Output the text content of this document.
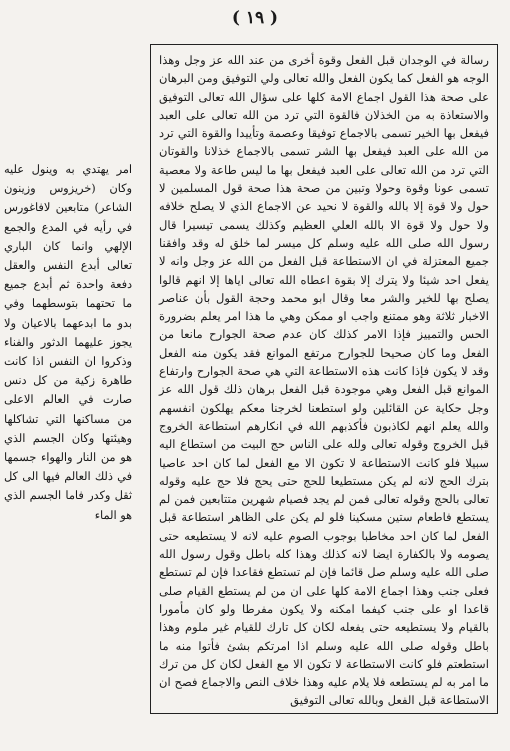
( ١٩ )

رسالة في الوجدان قبل الفعل وقوة أخرى من عند الله عز وجل وهذا الوجه هو الفعل كما يكون الفعل والله تعالى ولي التوفيق ومن البرهان على صحة هذا القول اجماع الامة كلها على سؤال الله تعالى التوفيق والاستعاذة به من الخذلان فالقوة التي ترد من الله تعالى على العبد فيفعل بها الخير تسمى بالاجماع توفيقا وعصمة وتأييدا والقوة التي ترد من الله على العبد فيفعل بها الشر تسمى بالاجماع خذلانا والقوتان التي ترد من الله تعالى على العبد فيفعل بها ما ليس طاعة ولا معصية تسمى عونا وقوة وحولا وتبين من صحة هذا صحة قول المسلمين لا حول ولا قوة إلا بالله والقوة لا نحيد عن الاجماع الذي لا يصلح خلافه ولا حول ولا قوة الا بالله العلي العظيم وكذلك يسمى تيسيرا قال رسول الله صلى الله عليه وسلم كل ميسر لما خلق له وقد وافقنا جميع المعتزلة في ان الاستطاعة قبل الفعل من الله عز وجل وانه لا يفعل احد شيئا ولا يترك إلا بقوة اعطاه الله تعالى اياها إلا انهم قالوا يصلح بها للخير والشر معا وقال ابو محمد وحجة القول بأن عناصر الاخبار ثلاثة وهو ممتنع واجب او ممكن وهي ما هذا امر يعلم بضرورة الحس والتمييز فإذا الامر كذلك كان عدم صحة الجوارح مانعا من الفعل وما كان صحيحا للجوارح مرتفع الموانع فقد يكون منه الفعل وقد لا يكون فإذا كانت هذه الاستطاعة التي هي صحة الجوارح وارتفاع الموانع قبل الفعل وهي موجودة قبل الفعل برهان ذلك قول الله عز وجل حكاية عن القائلين ولو استطعنا لخرجنا معكم يهلكون انفسهم والله يعلم انهم لكاذبون فأكذبهم الله في انكارهم استطاعة الخروج قبل الخروج وقوله تعالى ولله على الناس حج البيت من استطاع اليه سبيلا فلو كانت الاستطاعة لا تكون الا مع الفعل لما كان احد عاصيا بترك الحج لانه لم يكن مستطيعا للحج حتى يحج فلا حج عليه وقوله تعالى بالحج وقوله تعالى فمن لم يجد فصيام شهرين متتابعين فمن لم يستطع فاطعام ستين مسكينا فلو لم يكن على الظاهر استطاعة قبل الفعل لما كان احد مخاطبا بوجوب الصوم عليه لانه لا يستطيعه حتى يصومه ولا بالكفارة ايضا لانه كذلك وهذا كله باطل وقول رسول الله صلى الله عليه وسلم صل قائما فإن لم تستطع فقاعدا فإن لم تستطع فعلى جنب وهذا اجماع الامة كلها على ان من لم يستطع القيام صلى قاعدا او على جنب كيفما امكنه ولا يكون مفرطا ولو كان مأمورا بالقيام ولا يستطيعه حتى يفعله لكان كل تارك للقيام غير ملوم وهذا باطل وقوله صلى الله عليه وسلم اذا امرتكم بشئ فأتوا منه ما استطعتم فلو كانت الاستطاعة لا تكون الا مع الفعل لكان كل من ترك ما امر به لم يستطعه فلا يلام عليه وهذا خلاف النص والاجماع فصح ان الاستطاعة قبل الفعل وبالله تعالى التوفيق

امر يهتدي به وينول عليه وكان (خريزوس وزينون الشاعر) متابعين لافاغورس في رأيه في المدع والجمع الإلهي وانما كان الباري تعالى أبدع النفس والعقل دفعة واحدة ثم أبدع جميع ما تحتهما بتوسطهما وفي بدو ما ابدعهما بالاعيان ولا يجوز عليهما الدثور والفناء وذكروا ان النفس اذا كانت طاهرة زكية من كل دنس صارت في العالم الاعلى من مساكنها التي تشاكلها وهيئتها وكان الجسم الذي هو من النار والهواء جسمها في ذلك العالم فيها الى كل ثقل وكدر فاما الجسم الذي هو الماء
